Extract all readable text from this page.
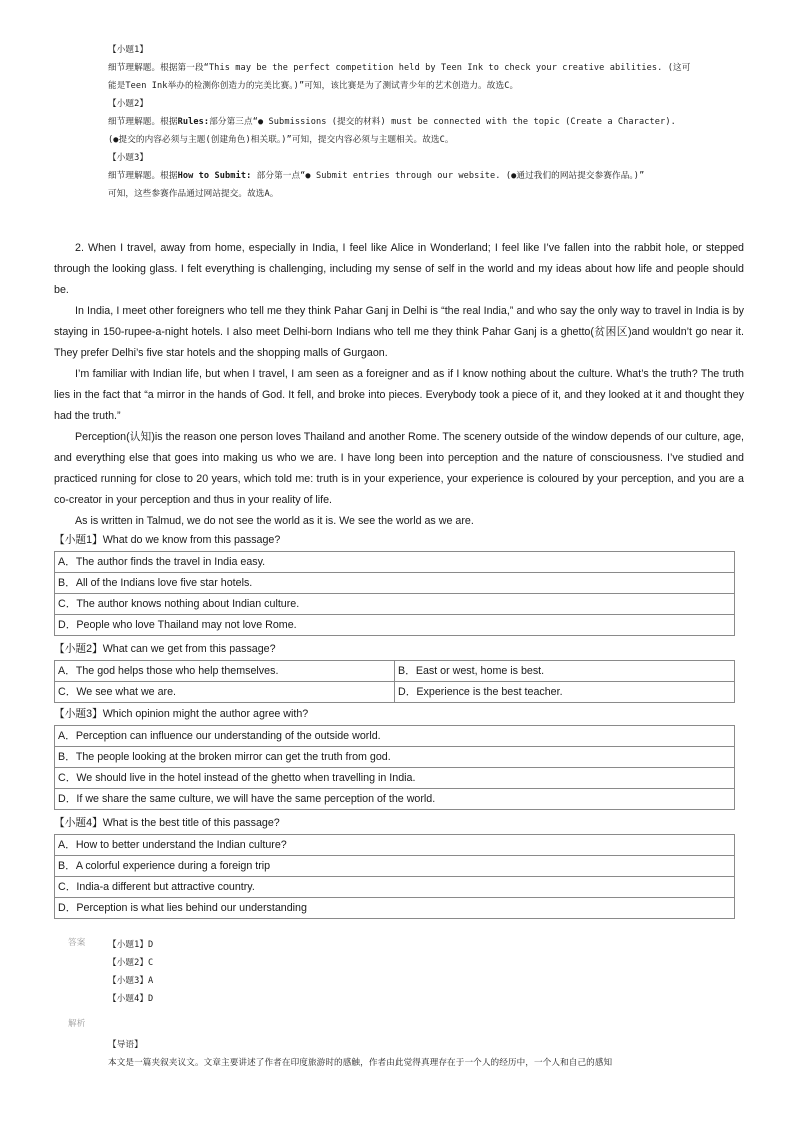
【小题1】
细节理解题。根据第一段“This may be the perfect competition held by Teen Ink to check your creative abilities. (这可
能是Teen Ink举办的检测你创造力的完美比赛。)”可知，该比赛是为了测试青少年的艺术创造力。故选C。
【小题2】
细节理解题。根据Rules:部分第三点“● Submissions (提交的材料) must be connected with the topic (Create a Character).
(●提交的内容必须与主题(创建角色)相关联。)”可知，提交内容必须与主题相关。故选C。
【小题3】
细节理解题。根据How to Submit: 部分第一点“● Submit entries through our website. (●通过我们的网站提交参赛作品。)”
可知，这些参赛作品通过网站提交。故选A。

2. When I travel, away from home, especially in India, I feel like Alice in Wonderland; I feel like I’ve fallen into the rabbit hole, or stepped through the looking glass. I felt everything is challenging, including my sense of self in the world and my ideas about how life and people should be.

In India, I meet other foreigners who tell me they think Pahar Ganj in Delhi is “the real India,” and who say the only way to travel in India is by staying in 150-rupee-a-night hotels. I also meet Delhi-born Indians who tell me they think Pahar Ganj is a ghetto(贫困区)and wouldn’t go near it. They prefer Delhi’s five star hotels and the shopping malls of Gurgaon.

I’m familiar with Indian life, but when I travel, I am seen as a foreigner and as if I know nothing about the culture. What’s the truth? The truth lies in the fact that “a mirror in the hands of God. It fell, and broke into pieces. Everybody took a piece of it, and they looked at it and thought they had the truth.”

Perception(认知)is the reason one person loves Thailand and another Rome. The scenery outside of the window depends of our culture, age, and everything else that goes into making us who we are. I have long been into perception and the nature of consciousness. I’ve studied and practiced running for close to 20 years, which told me: truth is in your experience, your experience is coloured by your perception, and you are a co-creator in your perception and thus in your reality of life.

As is written in Talmud, we do not see the world as it is. We see the world as we are.

【小题1】What do we know from this passage?
A．The author finds the travel in India easy.
B．All of the Indians love five star hotels.
C．The author knows nothing about Indian culture.
D．People who love Thailand may not love Rome.
【小题2】What can we get from this passage?
A．The god helps those who help themselves.	B．East or west, home is best.
C．We see what we are.	D．Experience is the best teacher.
【小题3】Which opinion might the author agree with?
A．Perception can influence our understanding of the outside world.
B．The people looking at the broken mirror can get the truth from god.
C．We should live in the hotel instead of the ghetto when travelling in India.
D．If we share the same culture, we will have the same perception of the world.
【小题4】What is the best title of this passage?
A．How to better understand the Indian culture?
B．A colorful experience during a foreign trip
C．India-a different but attractive country.
D．Perception is what lies behind our understanding
答案	【小题1】D
【小题2】C
【小题3】A
【小题4】D
解析
【导语】
本文是一篇夹叙夹议文。文章主要讲述了作者在印度旅游时的感触，作者由此觉得真理存在于一个人的经历中，一个人和自己的感知
